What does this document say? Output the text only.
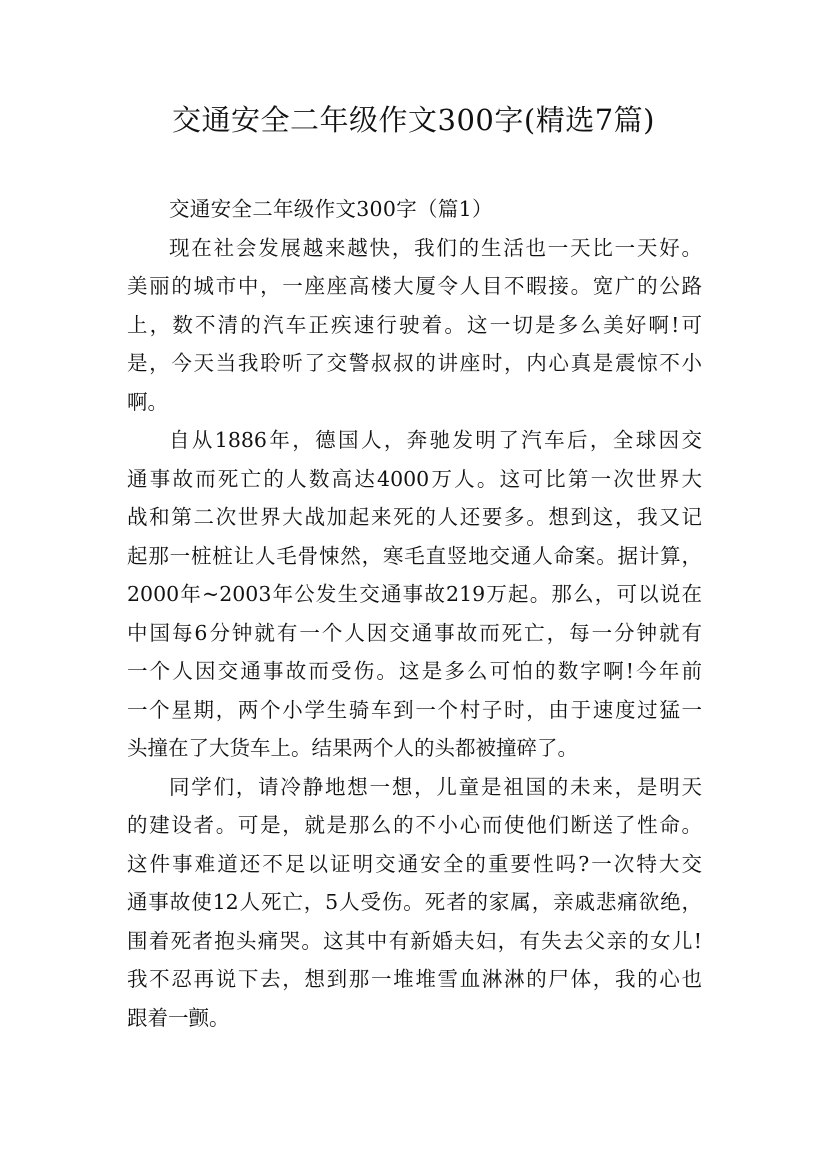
交通安全二年级作文300字(精选7篇)

交通安全二年级作文300字（篇1）

现在社会发展越来越快，我们的生活也一天比一天好。

美丽的城市中，一座座高楼大厦令人目不暇接。宽广的公路

上，数不清的汽车正疾速行驶着。这一切是多么美好啊!可

是，今天当我聆听了交警叔叔的讲座时，内心真是震惊不小

啊。

自从1886年，德国人，奔驰发明了汽车后，全球因交

通事故而死亡的人数高达4000万人。这可比第一次世界大

战和第二次世界大战加起来死的人还要多。想到这，我又记

起那一桩桩让人毛骨悚然，寒毛直竖地交通人命案。据计算，

2000年~2003年公发生交通事故219万起。那么，可以说在

中国每6分钟就有一个人因交通事故而死亡，每一分钟就有

一个人因交通事故而受伤。这是多么可怕的数字啊!今年前

一个星期，两个小学生骑车到一个村子时，由于速度过猛一

头撞在了大货车上。结果两个人的头都被撞碎了。

同学们，请冷静地想一想，儿童是祖国的未来，是明天

的建设者。可是，就是那么的不小心而使他们断送了性命。

这件事难道还不足以证明交通安全的重要性吗?一次特大交

通事故使12人死亡，5人受伤。死者的家属，亲戚悲痛欲绝，

围着死者抱头痛哭。这其中有新婚夫妇，有失去父亲的女儿!

我不忍再说下去，想到那一堆堆雪血淋淋的尸体，我的心也

跟着一颤。
